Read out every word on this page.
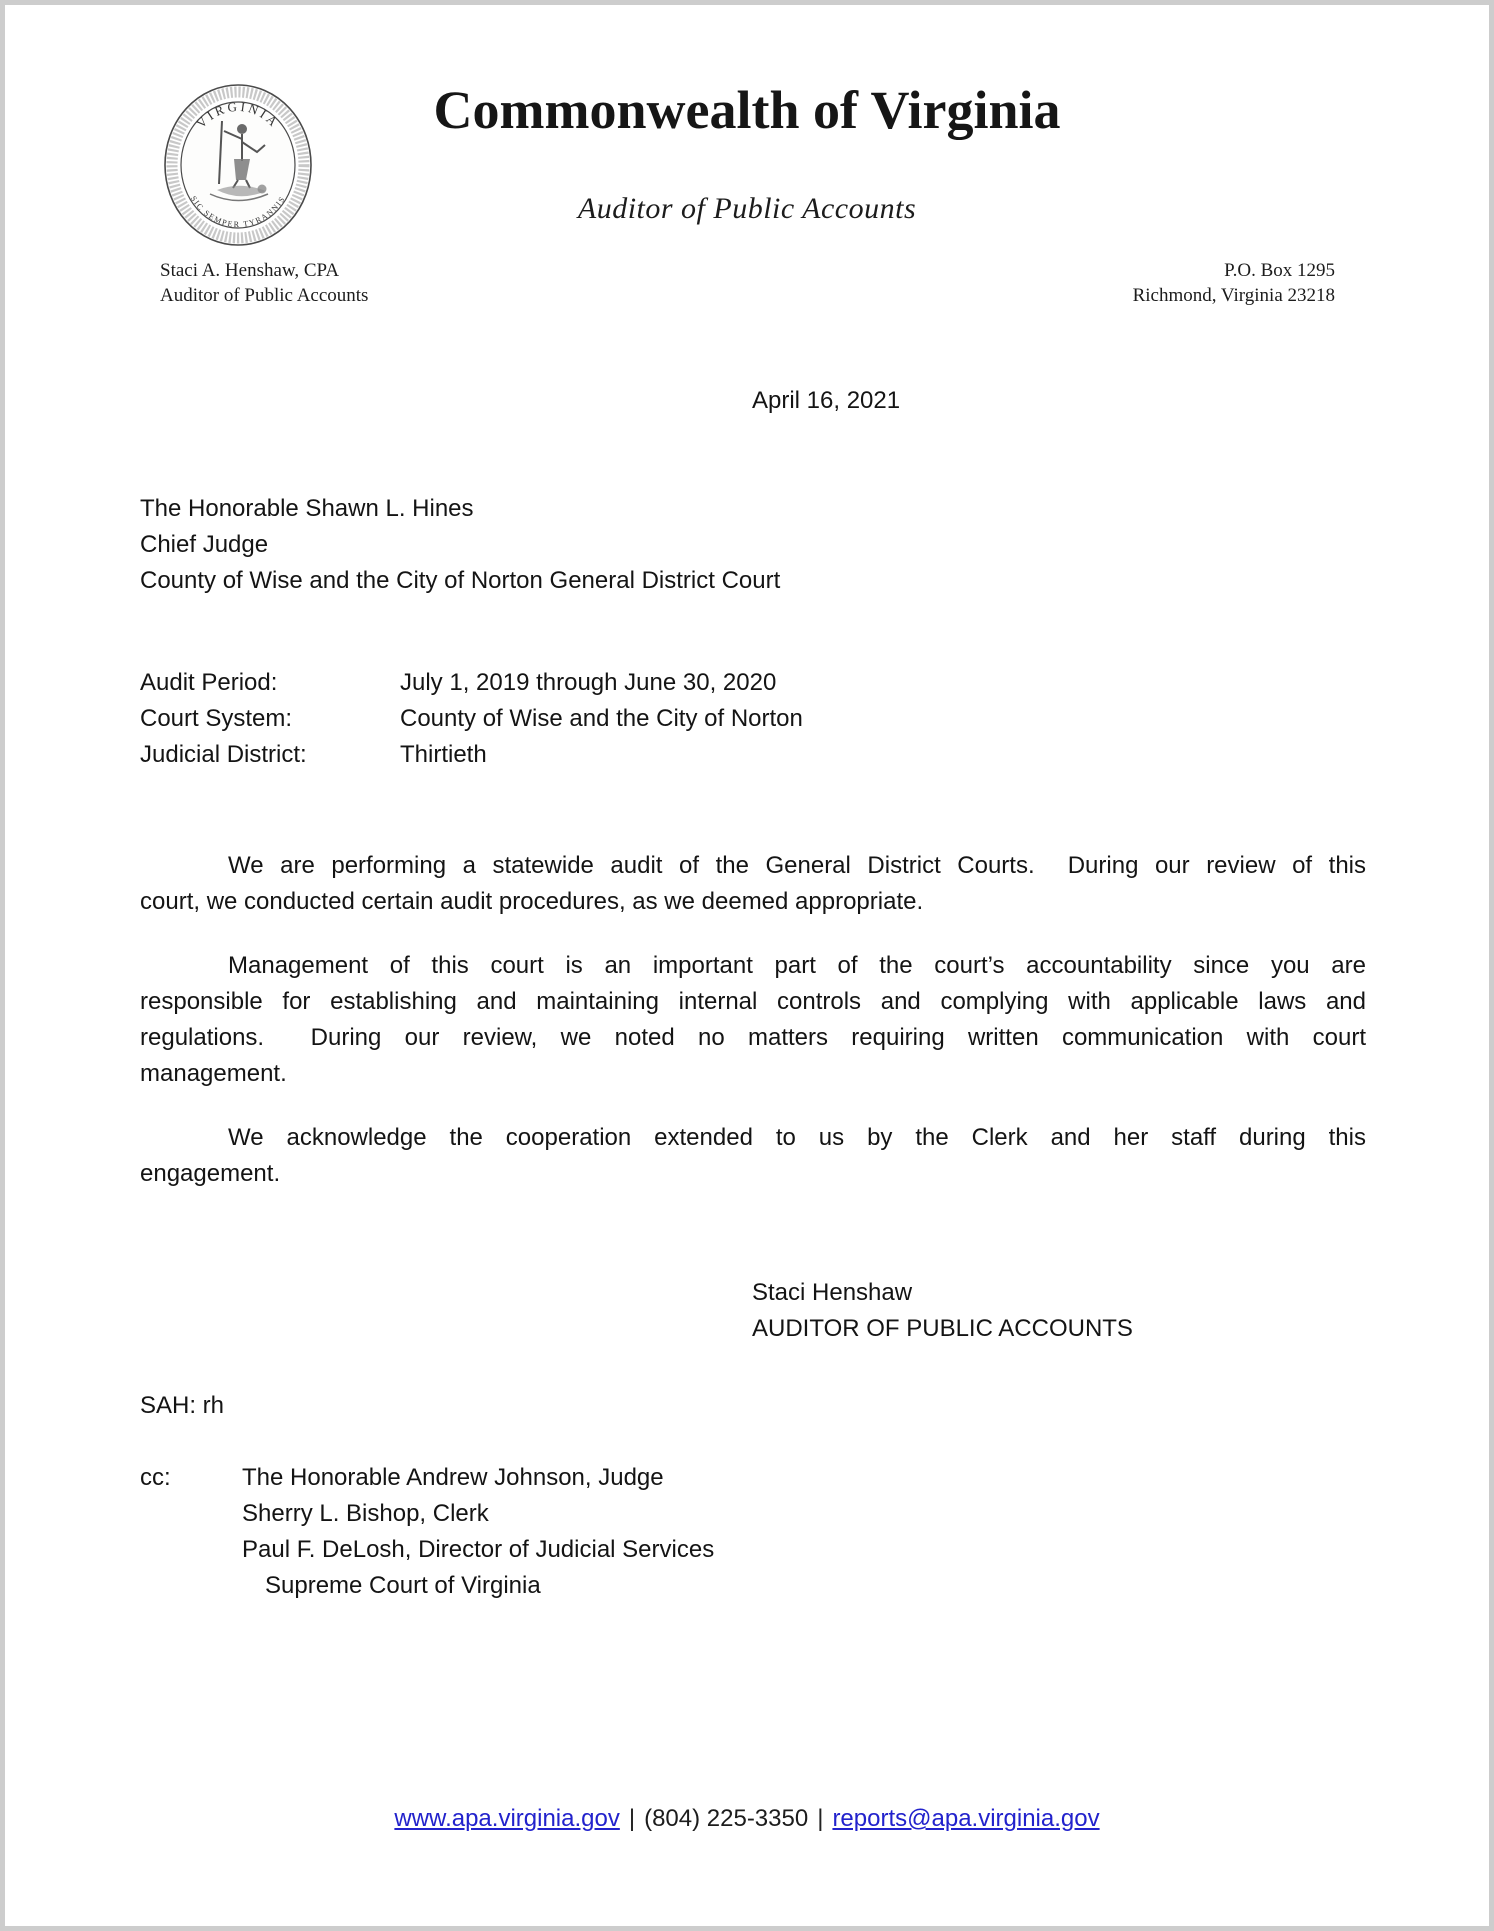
VIRGINIA
SIC SEMPER TYRANNIS
Commonwealth of Virginia
Auditor of Public Accounts
Staci A. Henshaw, CPA
Auditor of Public Accounts
P.O. Box 1295
Richmond, Virginia 23218
April 16, 2021
The Honorable Shawn L. Hines
Chief Judge
County of Wise and the City of Norton General District Court
Audit Period:	July 1, 2019 through June 30, 2020
Court System:	County of Wise and the City of Norton
Judicial District:	Thirtieth
We are performing a statewide audit of the General District Courts.  During our review of this
court, we conducted certain audit procedures, as we deemed appropriate.
Management of this court is an important part of the court’s accountability since you are
responsible for establishing and maintaining internal controls and complying with applicable laws and
regulations.  During our review, we noted no matters requiring written communication with court
management.
We acknowledge the cooperation extended to us by the Clerk and her staff during this
engagement.
Staci Henshaw
AUDITOR OF PUBLIC ACCOUNTS
SAH: rh
cc:	The Honorable Andrew Johnson, Judge
Sherry L. Bishop, Clerk
Paul F. DeLosh, Director of Judicial Services
Supreme Court of Virginia
www.apa.virginia.gov | (804) 225-3350 | reports@apa.virginia.gov
